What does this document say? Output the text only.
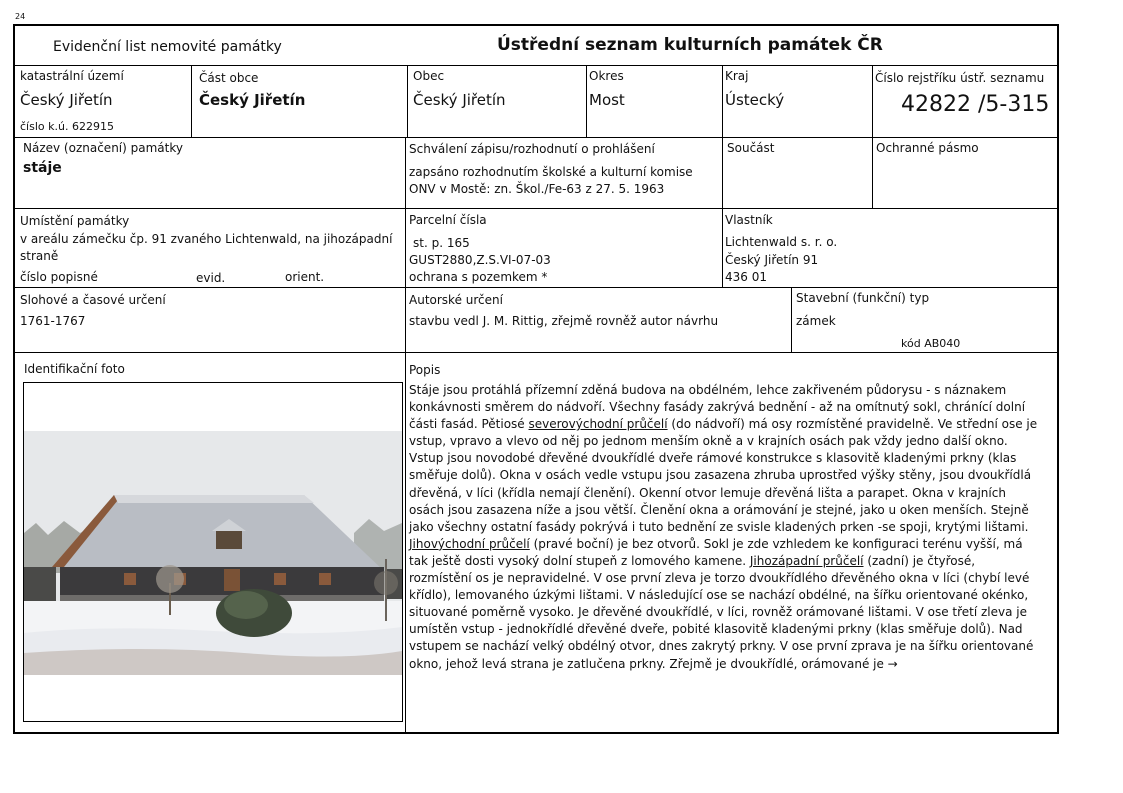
24
Evidenční list nemovité památky	Ústřední seznam kulturních památek ČR
katastrální území
Český Jiřetín
číslo k.ú. 622915
Část obce
Český Jiřetín
Obec
Český Jiřetín
Okres
Most
Kraj
Ústecký
Číslo rejstříku ústř. seznamu
42822 /5-315
Název (označení) památky
stáje
Schválení zápisu/rozhodnutí o prohlášení
zapsáno rozhodnutím školské a kulturní komise
ONV v Mostě: zn. Škol./Fe-63 z 27. 5. 1963
Součást	Ochranné pásmo
Umístění památky
v areálu zámečku čp. 91 zvaného Lichtenwald, na jihozápadní straně
číslo popisné	evid.	orient.
Parcelní čísla
st. p. 165
GUST2880,Z.S.VI-07-03
ochrana s pozemkem *
Vlastník
Lichtenwald s. r. o.
Český Jiřetín 91
436 01
Slohové a časové určení
1761-1767
Autorské určení
stavbu vedl J. M. Rittig, zřejmě rovněž autor návrhu
Stavební (funkční) typ
zámek
kód AB040
Identifikační foto	Popis
Stáje jsou protáhlá přízemní zděná budova na obdélném, lehce zakřiveném půdorysu - s náznakem konkávnosti směrem do nádvoří. Všechny fasády zakrývá bednění - až na omítnutý sokl, chránící dolní části fasád. Pětiosé severovýchodní průčelí (do nádvoří) má osy rozmístěné pravidelně. Ve střední ose je vstup, vpravo a vlevo od něj po jednom menším okně a v krajních osách pak vždy jedno další okno. Vstup jsou novodobé dřevěné dvoukřídlé dveře rámové konstrukce s klasovitě kladenými prkny (klas směřuje dolů). Okna v osách vedle vstupu jsou zasazena zhruba uprostřed výšky stěny, jsou dvoukřídlá dřevěná, v líci (křídla nemají členění). Okenní otvor lemuje dřevěná lišta a parapet. Okna v krajních osách jsou zasazena níže a jsou větší. Členění okna a orámování je stejné, jako u oken menších. Stejně jako všechny ostatní fasády pokrývá i tuto bednění ze svisle kladených prken -se spoji, krytými lištami. Jihovýchodní průčelí (pravé boční) je bez otvorů. Sokl je zde vzhledem ke konfiguraci terénu vyšší, má tak ještě dosti vysoký dolní stupeň z lomového kamene. Jihozápadní průčelí (zadní) je čtyřosé, rozmístění os je nepravidelné. V ose první zleva je torzo dvoukřídlého dřevěného okna v líci (chybí levé křídlo), lemovaného úzkými lištami. V následující ose se nachází obdélné, na šířku orientované okénko, situované poměrně vysoko. Je dřevěné dvoukřídlé, v líci, rovněž orámované lištami. V ose třetí zleva je umístěn vstup - jednokřídlé dřevěné dveře, pobité klasovitě kladenými prkny (klas směřuje dolů). Nad vstupem se nachází velký obdélný otvor, dnes zakrytý prkny. V ose první zprava je na šířku orientované okno, jehož levá strana je zatlučena prkny. Zřejmě je dvoukřídlé, orámované je →
